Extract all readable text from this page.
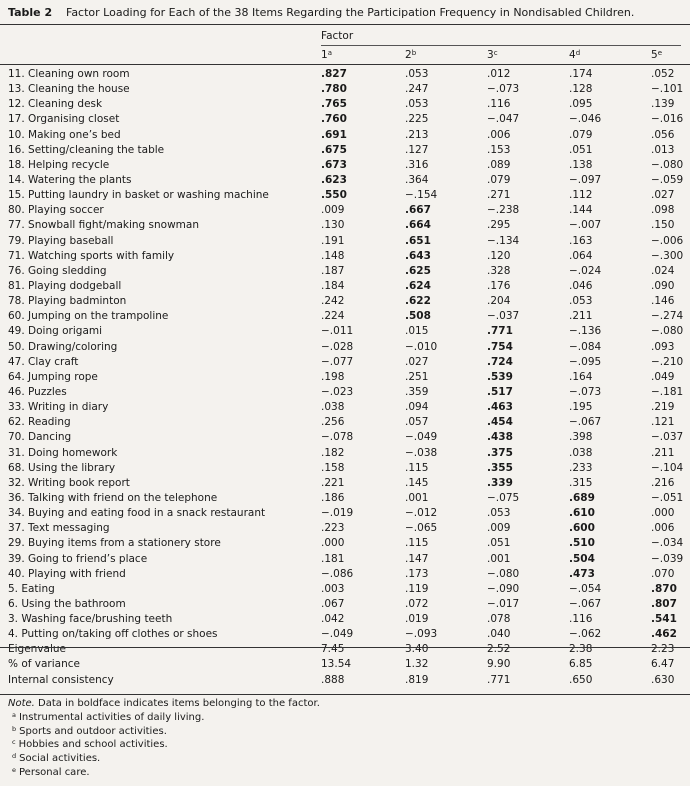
Table 2 Factor Loading for Each of the 38 Items Regarding the Participation Frequency in Nondisabled Children.
Factor
1$^a$	2$^b$	3$^c$	4$^d$	5e
11. Cleaning own room	.827	.053	.012	.174	.052
13. Cleaning the house	.780	.247	−.073	.128	−.101
12. Cleaning desk	.765	.053	.116	.095	.139
17. Organising closet	.760	.225	−.047	−.046	−.016
10. Making one’s bed	.691	.213	.006	.079	.056
16. Setting/cleaning the table	.675	.127	.153	.051	.013
18. Helping recycle	.673	.316	.089	.138	−.080
14. Watering the plants	.623	.364	.079	−.097	−.059
15. Putting laundry in basket or washing machine	.550	−.154	.271	.112	.027
80. Playing soccer	.009	.667	−.238	.144	.098
77. Snowball fight/making snowman	.130	.664	.295	−.007	.150
79. Playing baseball	.191	.651	−.134	.163	−.006
71. Watching sports with family	.148	.643	.120	.064	−.300
76. Going sledding	.187	.625	.328	−.024	.024
81. Playing dodgeball	.184	.624	.176	.046	.090
78. Playing badminton	.242	.622	.204	.053	.146
60. Jumping on the trampoline	.224	.508	−.037	.211	−.274
49. Doing origami	−.011	.015	.771	−.136	−.080
50. Drawing/coloring	−.028	−.010	.754	−.084	.093
47. Clay craft	−.077	.027	.724	−.095	−.210
64. Jumping rope	.198	.251	.539	.164	.049
46. Puzzles	−.023	.359	.517	−.073	−.181
33. Writing in diary	.038	.094	.463	.195	.219
62. Reading	.256	.057	.454	−.067	.121
70. Dancing	−.078	−.049	.438	.398	−.037
31. Doing homework	.182	−.038	.375	.038	.211
68. Using the library	.158	.115	.355	.233	−.104
32. Writing book report	.221	.145	.339	.315	.216
36. Talking with friend on the telephone	.186	.001	−.075	.689	−.051
34. Buying and eating food in a snack restaurant	−.019	−.012	.053	.610	.000
37. Text messaging	.223	−.065	.009	.600	.006
29. Buying items from a stationery store	.000	.115	.051	.510	−.034
39. Going to friend’s place	.181	.147	.001	.504	−.039
40. Playing with friend	−.086	.173	−.080	.473	.070
5. Eating	.003	.119	−.090	−.054	.870
6. Using the bathroom	.067	.072	−.017	−.067	.807
3. Washing face/brushing teeth	.042	.019	.078	.116	.541
4. Putting on/taking off clothes or shoes	−.049	−.093	.040	−.062	.462
Eigenvalue	7.45	3.40	2.52	2.38	2.23
% of variance	13.54	1.32	9.90	6.85	6.47
Internal consistency	.888	.819	.771	.650	.630
Note. Data in boldface indicates items belonging to the factor.
$^a$ Instrumental activities of daily living.
$^b$ Sports and outdoor activities.
$^c$ Hobbies and school activities.
$^d$ Social activities.
$^e$ Personal care.
